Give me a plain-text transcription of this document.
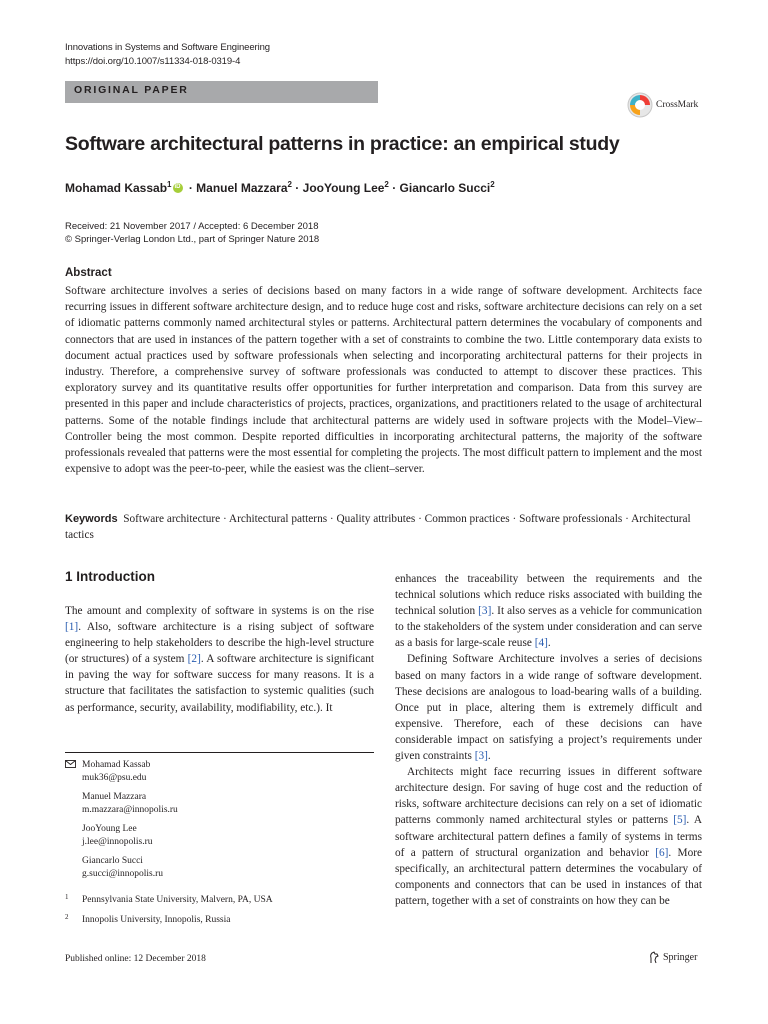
Innovations in Systems and Software Engineering
https://doi.org/10.1007/s11334-018-0319-4
ORIGINAL PAPER
CrossMark
Software architectural patterns in practice: an empirical study
Mohamad Kassab$^1$iD · Manuel Mazzara$^2$ · JooYoung Lee$^2$ · Giancarlo Succi$^2$
Received: 21 November 2017 / Accepted: 6 December 2018
© Springer-Verlag London Ltd., part of Springer Nature 2018
Abstract
Software architecture involves a series of decisions based on many factors in a wide range of software development. Architects face recurring issues in different software architecture design, and to reduce huge cost and risks, software architecture decisions can rely on a set of idiomatic patterns commonly named architectural styles or patterns. Architectural pattern determines the vocabulary of components and connectors that are used in instances of the pattern together with a set of constraints to combine the two. Little contemporary data exists to document actual practices used by software professionals when selecting and incorporating architectural patterns for their projects in industry. Therefore, a comprehensive survey of software professionals was conducted to attempt to discover these practices. This exploratory survey and its quantitative results offer opportunities for further interpretation and comparison. Data from this survey are presented in this paper and include characteristics of projects, practices, organizations, and practitioners related to the usage of architectural patterns. Some of the notable findings include that architectural patterns are widely used in software projects with the Model–View–Controller being the most common. Despite reported difficulties in incorporating architectural patterns, the majority of the software professionals revealed that patterns were the most essential for completing the projects. The most difficult pattern to implement and the most expensive to adopt was the peer-to-peer, while the easiest was the client–server.
Keywords Software architecture · Architectural patterns · Quality attributes · Common practices · Software professionals · Architectural tactics
1 Introduction
The amount and complexity of software in systems is on the rise [1]. Also, software architecture is a rising subject of software engineering to help stakeholders to describe the high-level structure (or structures) of a system [2]. A software architecture is significant in paving the way for software success for many reasons. It is a structure that facilitates the satisfaction to systemic qualities (such as performance, security, availability, modifiability, etc.). It

enhances the traceability between the requirements and the technical solutions which reduce risks associated with building the technical solution [3]. It also serves as a vehicle for communication to the stakeholders of the system under consideration and can serve as a basis for large-scale reuse [4].

Defining Software Architecture involves a series of decisions based on many factors in a wide range of software development. These decisions are analogous to load-bearing walls of a building. Once put in place, altering them is extremely difficult and expensive. Therefore, each of these decisions can have considerable impact on satisfying a project’s requirements under given constraints [3].

Architects might face recurring issues in different software architecture design. For saving of huge cost and the reduction of risks, software architecture decisions can rely on a set of idiomatic patterns commonly named architectural styles or patterns [5]. A software architectural pattern defines a family of systems in terms of a pattern of structural organization and behavior [6]. More specifically, an architectural pattern determines the vocabulary of components and connectors that can be used in instances of that pattern, together with a set of constraints on how they can be

Mohamad Kassab
muk36@psu.edu
Manuel Mazzara
m.mazzara@innopolis.ru
JooYoung Lee
j.lee@innopolis.ru
Giancarlo Succi
g.succi@innopolis.ru
1 Pennsylvania State University, Malvern, PA, USA
2 Innopolis University, Innopolis, Russia
Published online: 12 December 2018	Springer
